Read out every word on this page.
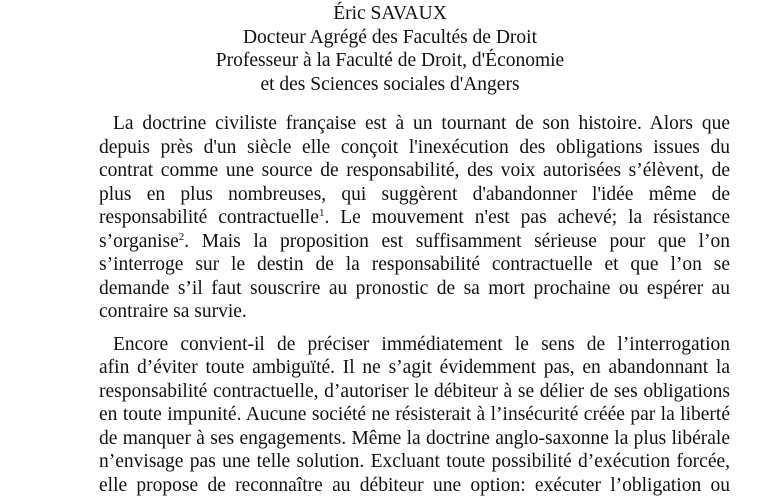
Éric SAVAUX
Docteur Agrégé des Facultés de Droit
Professeur à la Faculté de Droit, d'Économie
et des Sciences sociales d'Angers
La doctrine civiliste française est à un tournant de son histoire. Alors que
depuis près d'un siècle elle conçoit l'inexécution des obligations issues du
contrat comme une source de responsabilité, des voix autorisées s’élèvent, de
plus en plus nombreuses, qui suggèrent d'abandonner l'idée même de
responsabilité contractuelle$^1$. Le mouvement n'est pas achevé; la résistance
s’organise$^2$. Mais la proposition est suffisamment sérieuse pour que l’on
s’interroge sur le destin de la responsabilité contractuelle et que l’on se
demande s’il faut souscrire au pronostic de sa mort prochaine ou espérer au
contraire sa survie.
Encore convient-il de préciser immédiatement le sens de l’interrogation
afin d’éviter toute ambiguïté. Il ne s’agit évidemment pas, en abandonnant la
responsabilité contractuelle, d’autoriser le débiteur à se délier de ses obligations
en toute impunité. Aucune société ne résisterait à l’insécurité créée par la liberté
de manquer à ses engagements. Même la doctrine anglo-saxonne la plus libérale
n’envisage pas une telle solution. Excluant toute possibilité d’exécution forcée,
elle propose de reconnaître au débiteur une option: exécuter l’obligation ou
